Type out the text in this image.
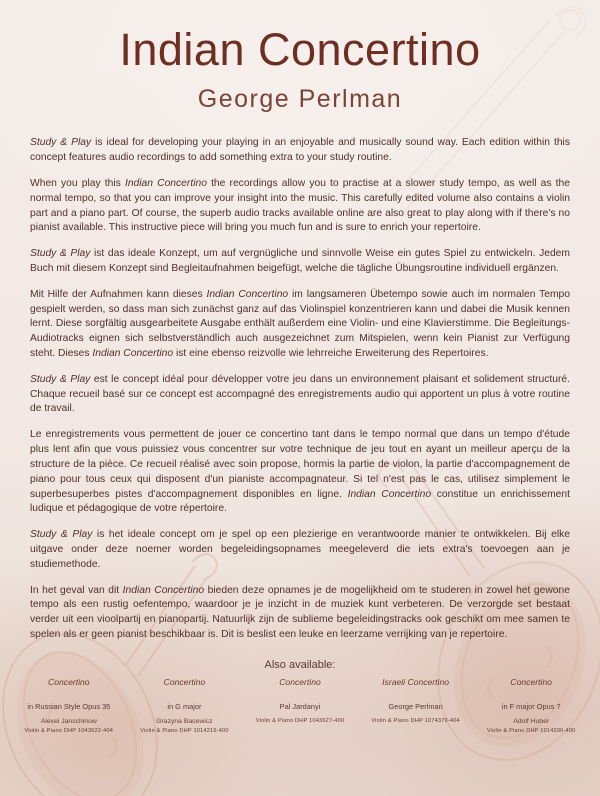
Indian Concertino
George Perlman

Study & Play is ideal for developing your playing in an enjoyable and musically sound way. Each edition within this concept features audio recordings to add something extra to your study routine.

When you play this Indian Concertino the recordings allow you to practise at a slower study tempo, as well as the normal tempo, so that you can improve your insight into the music. This carefully edited volume also contains a violin part and a piano part. Of course, the superb audio tracks available online are also great to play along with if there's no pianist available. This instructive piece will bring you much fun and is sure to enrich your repertoire.

Study & Play ist das ideale Konzept, um auf vergnügliche und sinnvolle Weise ein gutes Spiel zu entwickeln. Jedem Buch mit diesem Konzept sind Begleitaufnahmen beigefügt, welche die tägliche Übungsroutine individuell ergänzen.

Mit Hilfe der Aufnahmen kann dieses Indian Concertino im langsameren Übetempo sowie auch im normalen Tempo gespielt werden, so dass man sich zunächst ganz auf das Violinspiel konzentrieren kann und dabei die Musik kennen lernt. Diese sorgfältig ausgearbeitete Ausgabe enthält außerdem eine Violin- und eine Klavierstimme. Die Begleitungs-Audiotracks eignen sich selbstverständlich auch ausgezeichnet zum Mitspielen, wenn kein Pianist zur Verfügung steht. Dieses Indian Concertino ist eine ebenso reizvolle wie lehrreiche Erweiterung des Repertoires.

Study & Play est le concept idéal pour développer votre jeu dans un environnement plaisant et solidement structuré. Chaque recueil basé sur ce concept est accompagné des enregistrements audio qui apportent un plus à votre routine de travail.

Le enregistrements vous permettent de jouer ce concertino tant dans le tempo normal que dans un tempo d'étude plus lent afin que vous puissiez vous concentrer sur votre technique de jeu tout en ayant un meilleur aperçu de la structure de la pièce. Ce recueil réalisé avec soin propose, hormis la partie de violon, la partie d'accompagnement de piano pour tous ceux qui disposent d'un pianiste accompagnateur. Si tel n'est pas le cas, utilisez simplement le superbesuperbes pistes d'accompagnement disponibles en ligne. Indian Concertino constitue un enrichissement ludique et pédagogique de votre répertoire.

Study & Play is het ideale concept om je spel op een plezierige en verantwoorde manier te ontwikkelen. Bij elke uitgave onder deze noemer worden begeleidingsopnames meegeleverd die iets extra's toevoegen aan je studiemethode.

In het geval van dit Indian Concertino bieden deze opnames je de mogelijkheid om te studeren in zowel het gewone tempo als een rustig oefentempo, waardoor je je inzicht in de muziek kunt verbeteren. De verzorgde set bestaat verder uit een vioolpartij en pianopartij. Natuurlijk zijn de sublieme begeleidingstracks ook geschikt om mee samen te spelen als er geen pianist beschikbaar is. Dit is beslist een leuke en leerzame verrijking van je repertoire.

Also available:
Concertino
in Russian Style Opus 35
Alexei Janschinow
Violin & Piano DHP 1043622-404
Concertino
in G major
Grazyna Bacewicz
Violin & Piano DHP 1014216-400
Concertino
Pal Jardanyi
Violin & Piano DHP 1043627-400
Israeli Concertino
George Perlman
Violin & Piano DHP 1074379-404
Concertino
in F major Opus 7
Adolf Huber
Violin & Piano DHP 1014200-400
